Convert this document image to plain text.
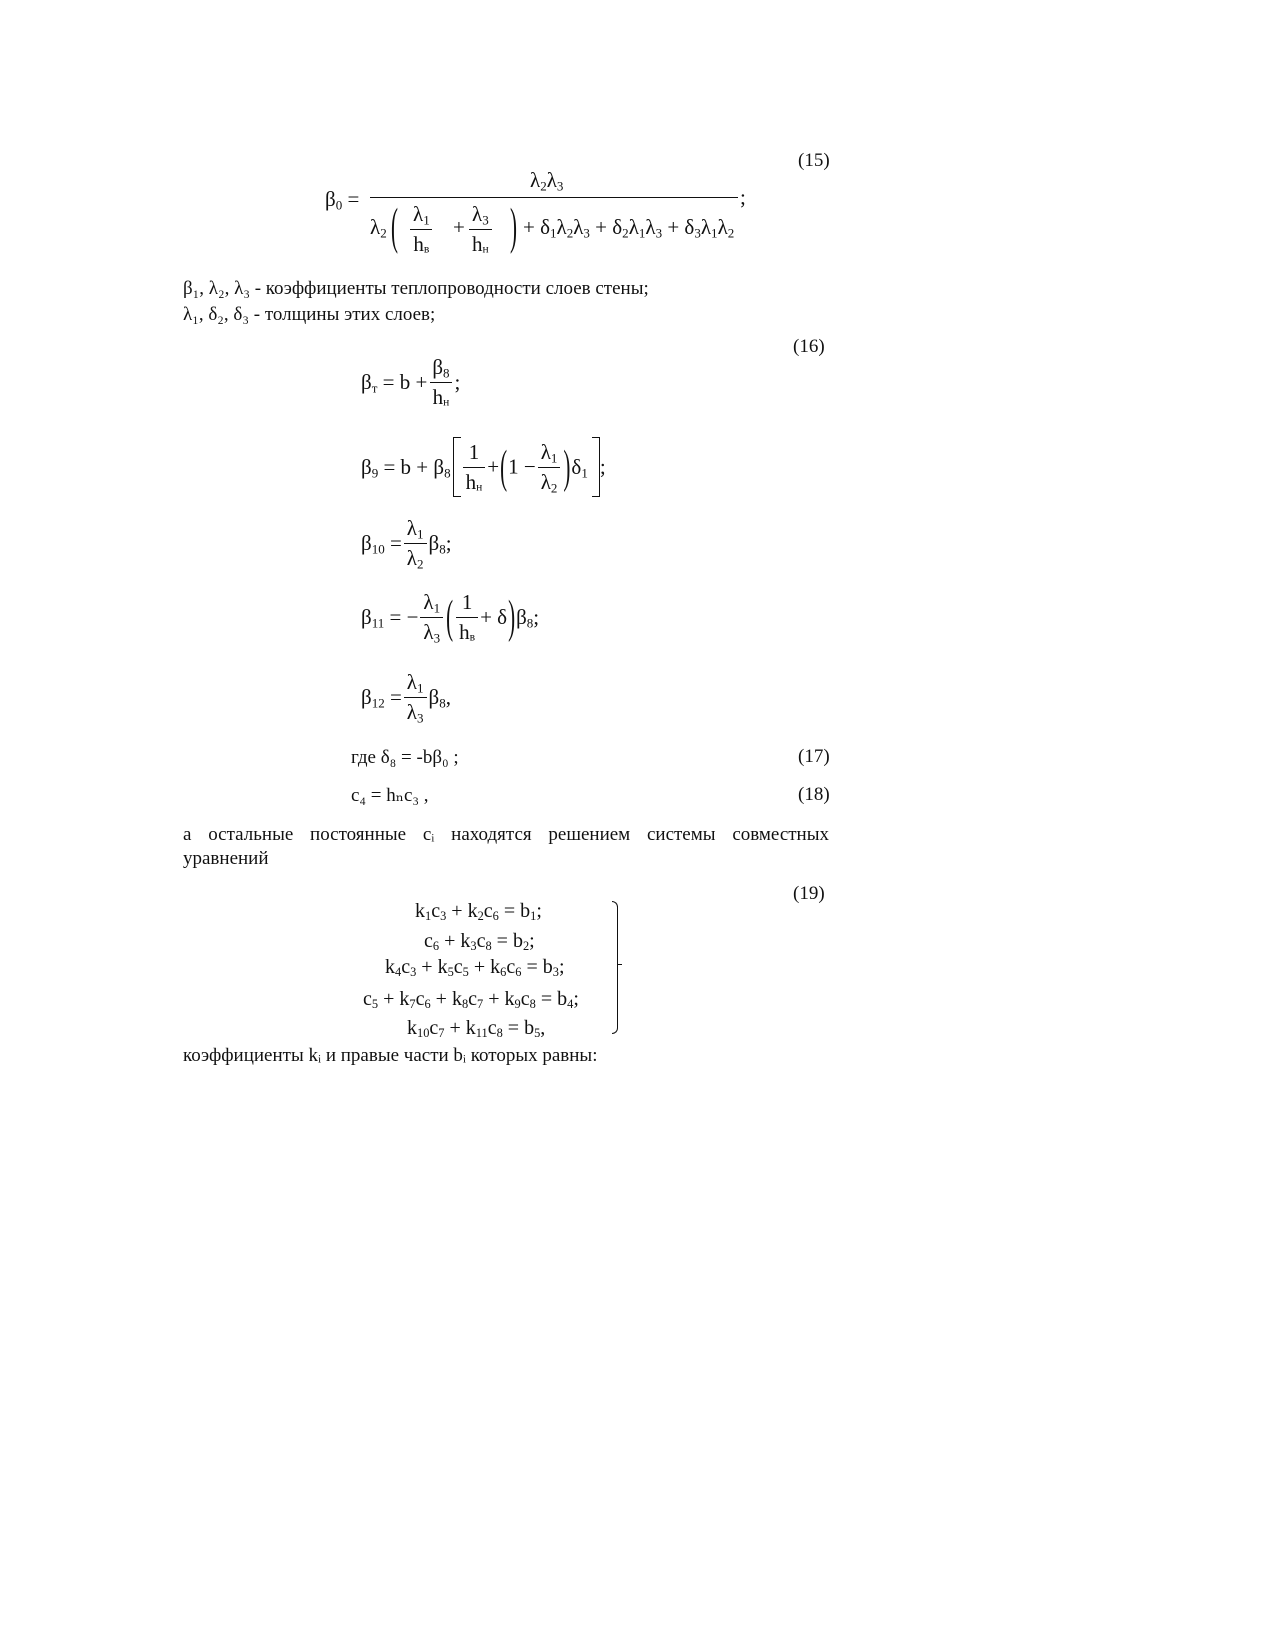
(15)
$\beta_0$ =
$\lambda_2\lambda_3$	;
$\lambda_2$ ( $\frac{\lambda_1}{h_в} + \frac{\lambda_3}{h_н}$ ) + $\delta_1\lambda_2\lambda_3 + \delta_2\lambda_1\lambda_3 + \delta_3\lambda_1\lambda_2$
β₁, λ₂, λ₃ - коэффициенты теплопроводности слоев стены;
λ₁, δ₂, δ₃ - толщины этих слоев;
(16)
$\beta_т = b + \frac{\beta_8}{h_н}$ ;
$\beta_9 = b + \beta_8 \frac{1}{h_н} +(1 - \frac{\lambda_1}{\lambda_2} )\delta_1$ ;
$\beta_{10} = \frac{\lambda_1}{\lambda_2} \beta_8$;
$\beta_{11}$ = − $\frac{\lambda_1}{\lambda_3}$ ( $\frac{1}{h_в} + \delta)\beta_8$;
$\beta_{12} = \frac{\lambda_1}{\lambda_3} \beta_8$,
где δ₈ = -bβ₀ ;	(17)
c₄ = hₙc₃ ,	(18)
а остальные постоянные cᵢ находятся решением системы совместных уравнений
(19)
$k_1c_3 + k_2c_6 = b_1$;
$c_6 + k_3c_8 = b_2$;
$k_4c_3 + k_5c_5 + k_6c_6 = b_3$;
$c_5 + k_7c_6 + k_8c_7 + k_9c_8 = b_4$;
$k_{10}c_7 + k_{11}c_8 = b_5$,
коэффициенты kᵢ и правые части bᵢ которых равны:
